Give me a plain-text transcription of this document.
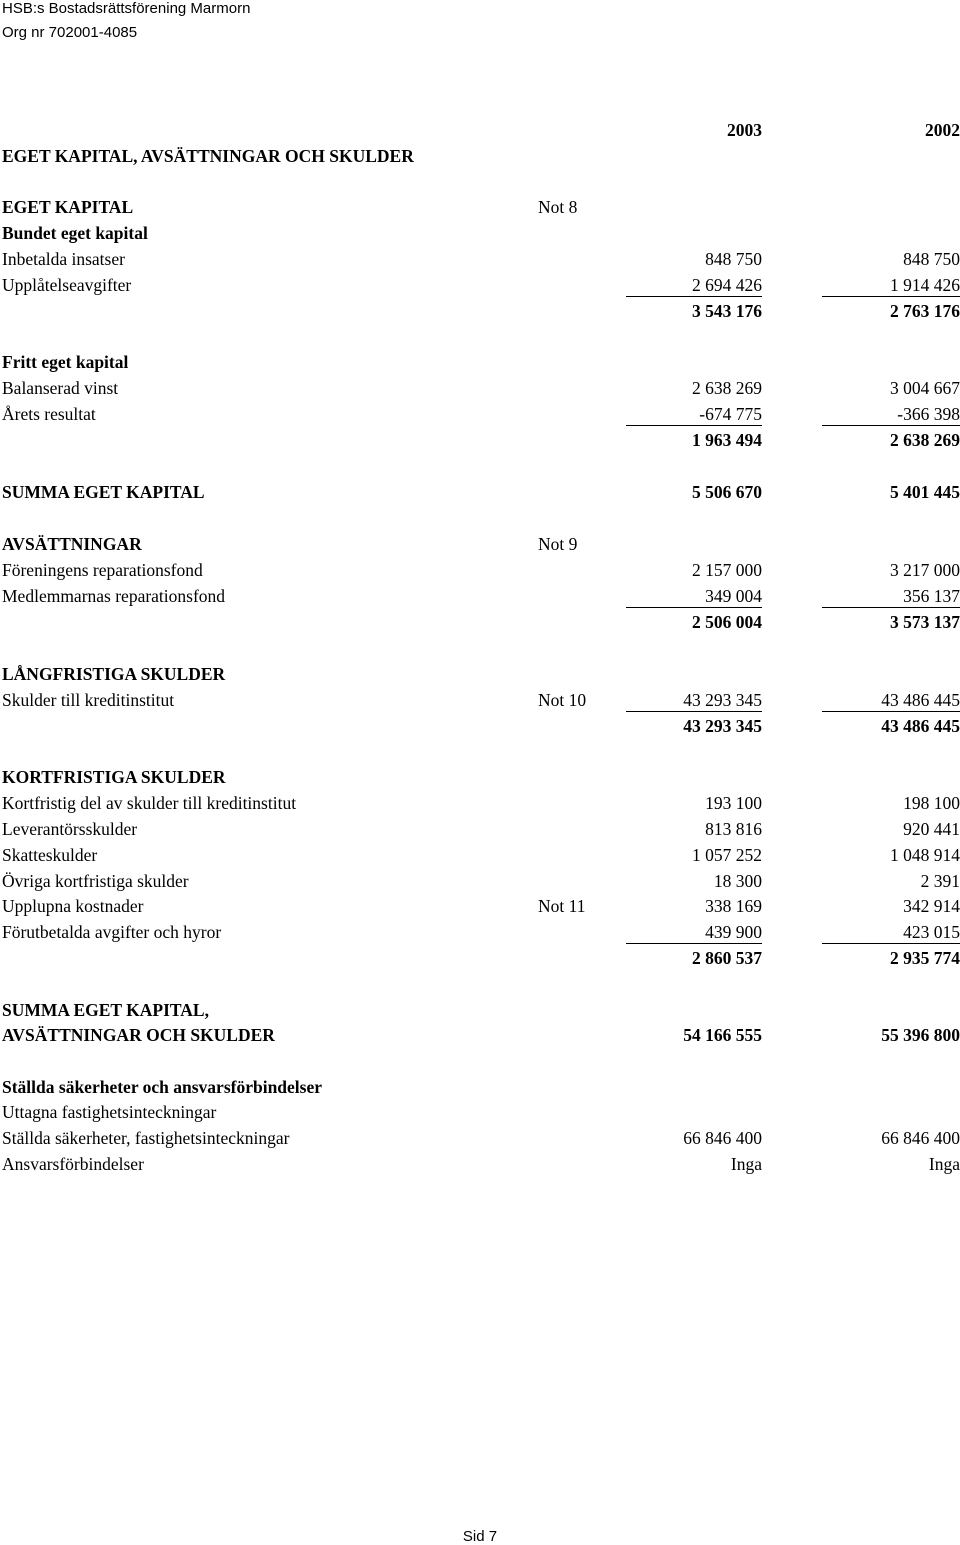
HSB:s Bostadsrättsförening Marmorn
Org nr 702001-4085
2003	2002
EGET KAPITAL, AVSÄTTNINGAR OCH SKULDER
EGET KAPITAL	Not 8
Bundet eget kapital
Inbetalda insatser	848 750	848 750
Upplåtelseavgifter	2 694 426	1 914 426
3 543 176	2 763 176
Fritt eget kapital
Balanserad vinst	2 638 269	3 004 667
Årets resultat	-674 775	-366 398
1 963 494	2 638 269
SUMMA EGET KAPITAL	5 506 670	5 401 445
AVSÄTTNINGAR	Not 9
Föreningens reparationsfond	2 157 000	3 217 000
Medlemmarnas reparationsfond	349 004	356 137
2 506 004	3 573 137
LÅNGFRISTIGA SKULDER
Skulder till kreditinstitut	Not 10	43 293 345	43 486 445
43 293 345	43 486 445
KORTFRISTIGA SKULDER
Kortfristig del av skulder till kreditinstitut	193 100	198 100
Leverantörsskulder	813 816	920 441
Skatteskulder	1 057 252	1 048 914
Övriga kortfristiga skulder	18 300	2 391
Upplupna kostnader	Not 11	338 169	342 914
Förutbetalda avgifter och hyror	439 900	423 015
2 860 537	2 935 774
SUMMA EGET KAPITAL,
AVSÄTTNINGAR OCH SKULDER	54 166 555	55 396 800
Ställda säkerheter och ansvarsförbindelser
Uttagna fastighetsinteckningar
Ställda säkerheter, fastighetsinteckningar	66 846 400	66 846 400
Ansvarsförbindelser	Inga	Inga
Sid 7
